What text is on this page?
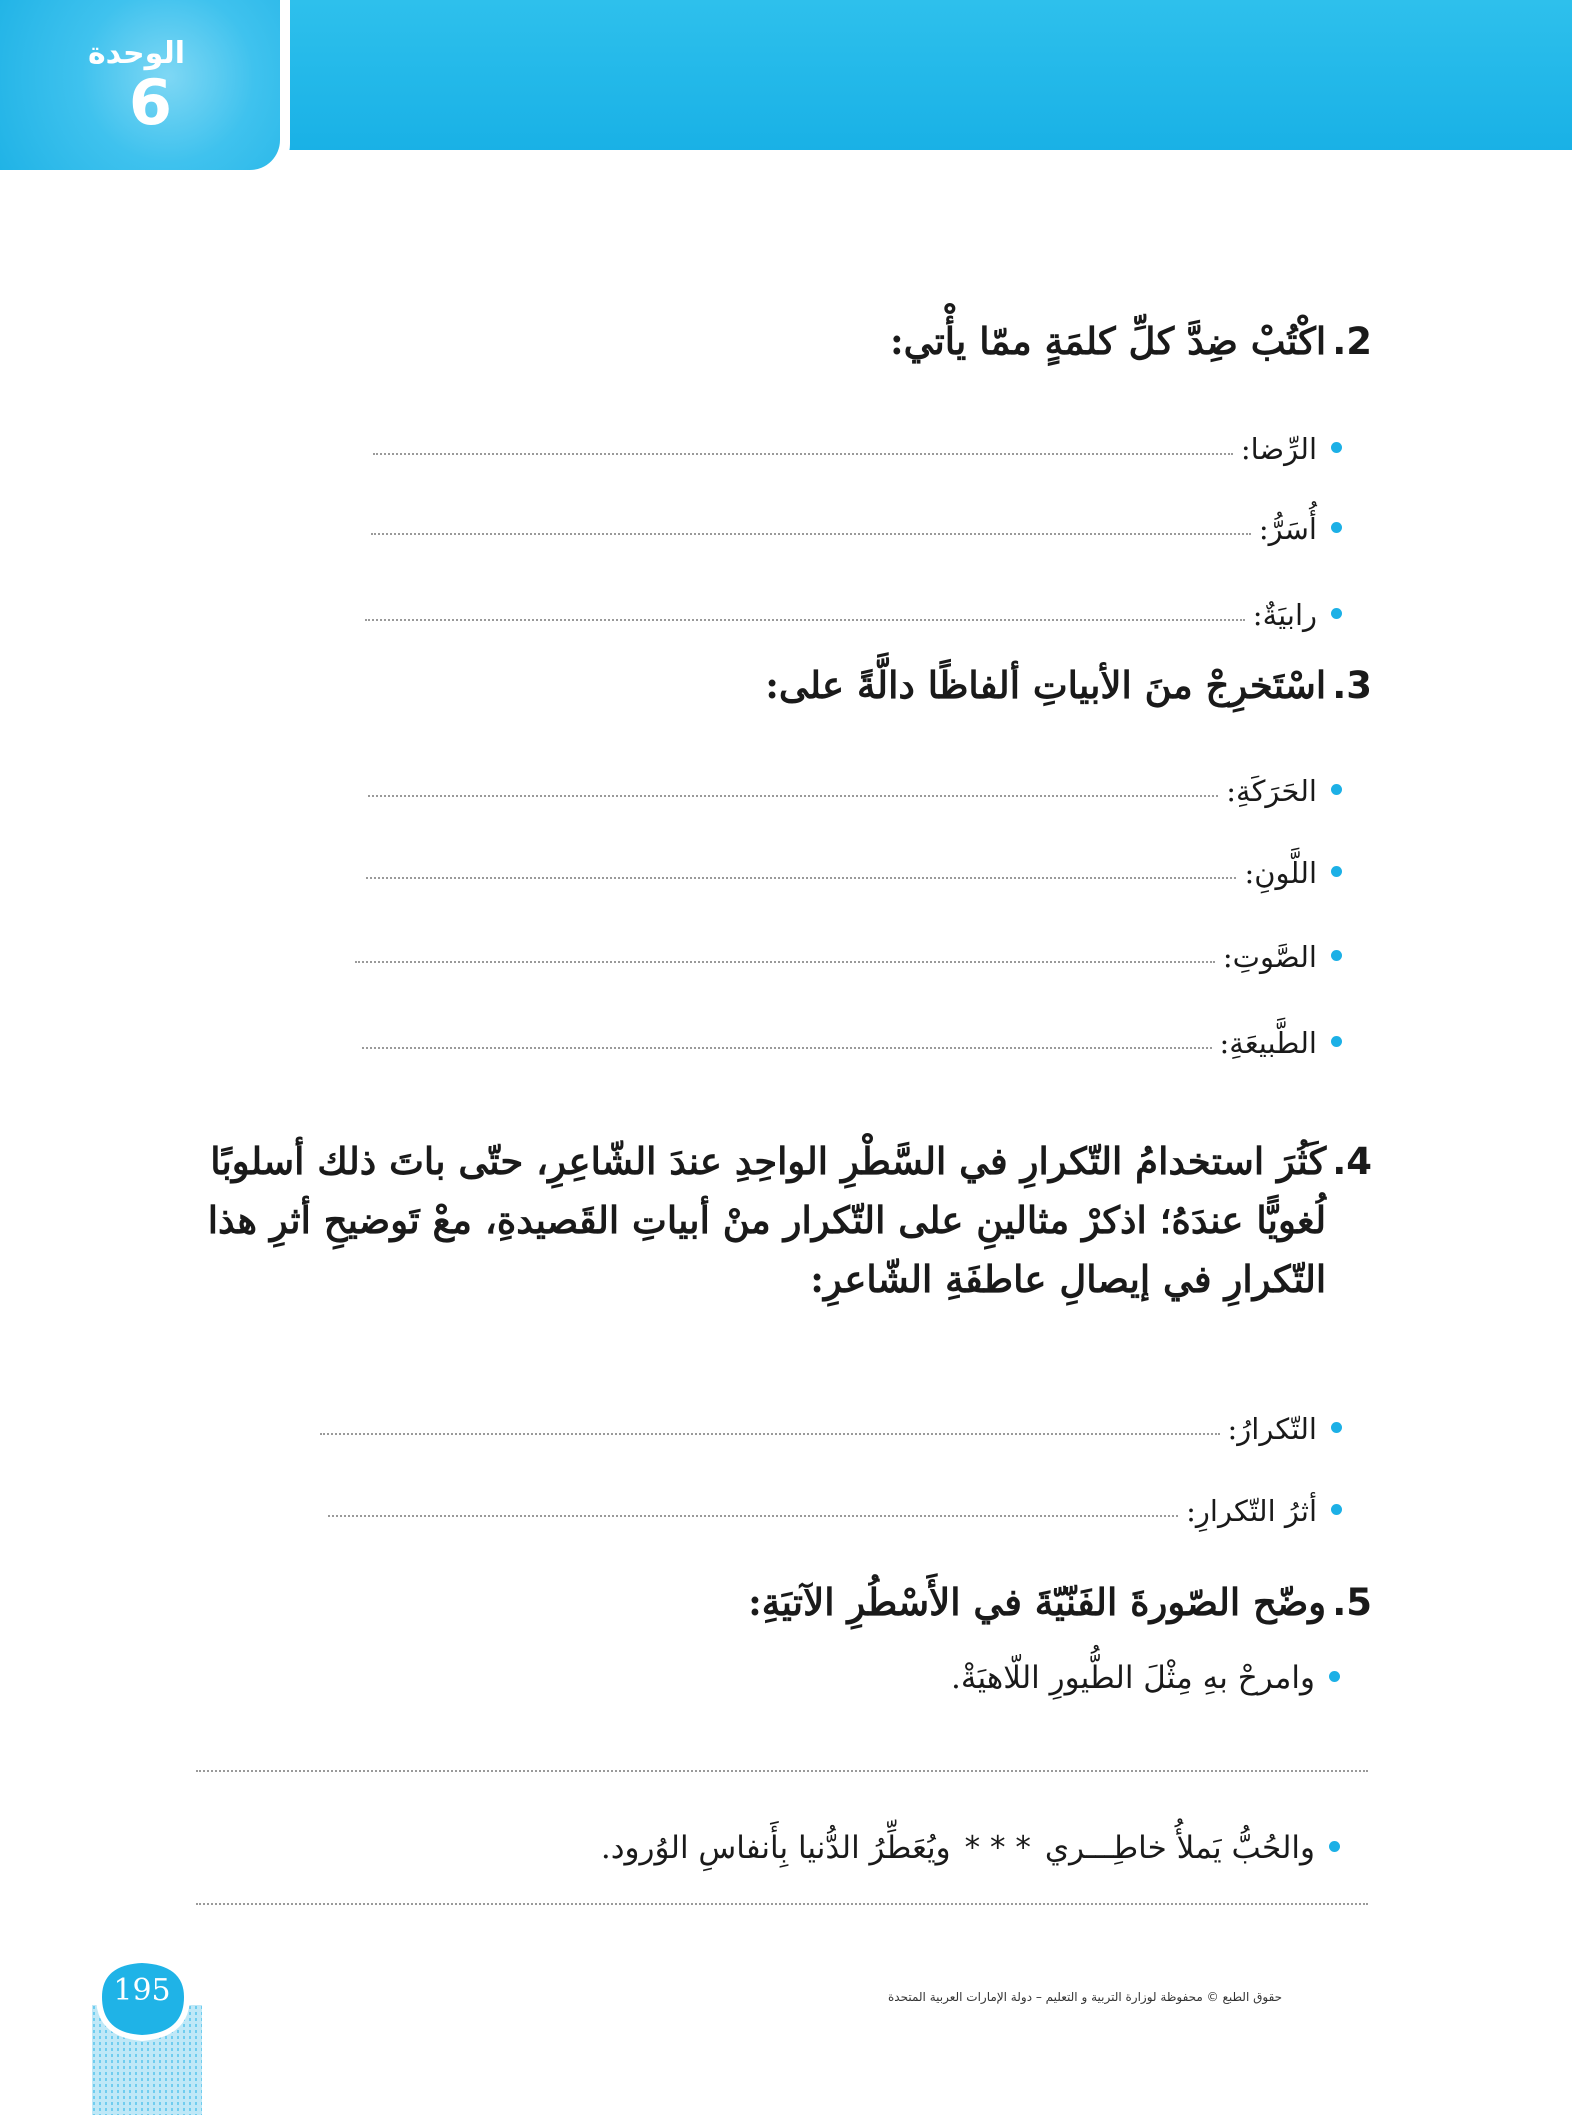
الوحدة
6
2.
اكْتُبْ ضِدَّ كلِّ كلمَةٍ ممّا يأْتي:
الرِّضا:
أُسَرُّ:
رابيَةٌ:
3.
اسْتَخرِجْ منَ الأبياتِ ألفاظًا دالَّةً على:
الحَرَكَةِ:
اللَّونِ:
الصَّوتِ:
الطَّبيعَةِ:
4.
كَثُرَ استخدامُ التّكرارِ في السَّطْرِ الواحِدِ عندَ الشّاعِرِ، حتّى باتَ ذلك أسلوبًا لُغويًّا عندَهُ؛ اذكرْ مثالينِ على التّكرار منْ أبياتِ القَصيدةِ، معْ تَوضيحِ أثرِ هذا التّكرارِ في إيصالِ عاطفَةِ الشّاعرِ:
التّكرارُ:
أثرُ التّكرارِ:
5.
وضّح الصّورةَ الفَنّيّةَ في الأَسْطُرِ الآتيَةِ:
وامرحْ بهِ مِثْلَ الطُّيورِ اللّاهيَةْ.
والحُبُّ يَملأُ خاطِـــري
* * *
ويُعَطِّرُ الدُّنيا بِأَنفاسِ الوُرود.
195	حقوق الطبع © محفوظة لوزارة التربية و التعليم – دولة الإمارات العربية المتحدة
